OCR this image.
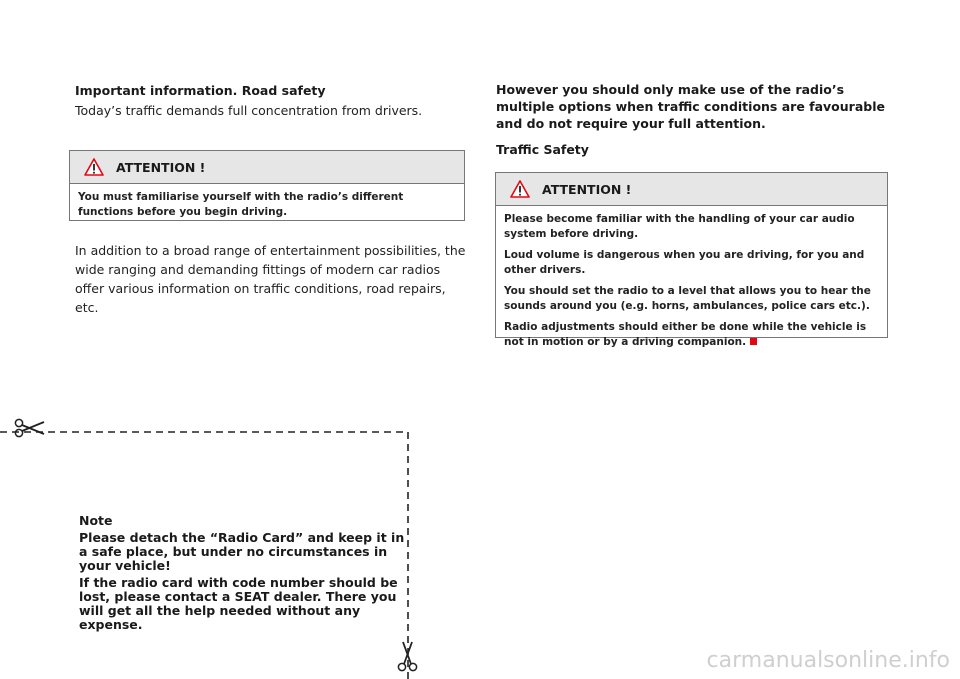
Important information. Road safety
Today’s traffic demands full concentration from drivers.
ATTENTION !

You must familiarise yourself with the radio’s different functions before you begin driving.

In addition to a broad range of entertainment possibilities, the wide ranging and demanding fittings of modern car radios offer various information on traffic conditions, road repairs, etc.
However you should only make use of the radio’s multiple options when traffic conditions are favourable and do not require your full attention.
Traffic Safety
ATTENTION !

Please become familiar with the handling of your car audio system before driving.

Loud volume is dangerous when you are driving, for you and other drivers.

You should set the radio to a level that allows you to hear the sounds around you (e.g. horns, ambulances, police cars etc.).

Radio adjustments should either be done while the vehicle is not in motion or by a driving companion.

Note

Please detach the “Radio Card” and keep it in a safe place, but under no circumstances in your vehicle!

If the radio card with code number should be lost, please contact a SEAT dealer. There you will get all the help needed without any expense.

carmanualsonline.info
